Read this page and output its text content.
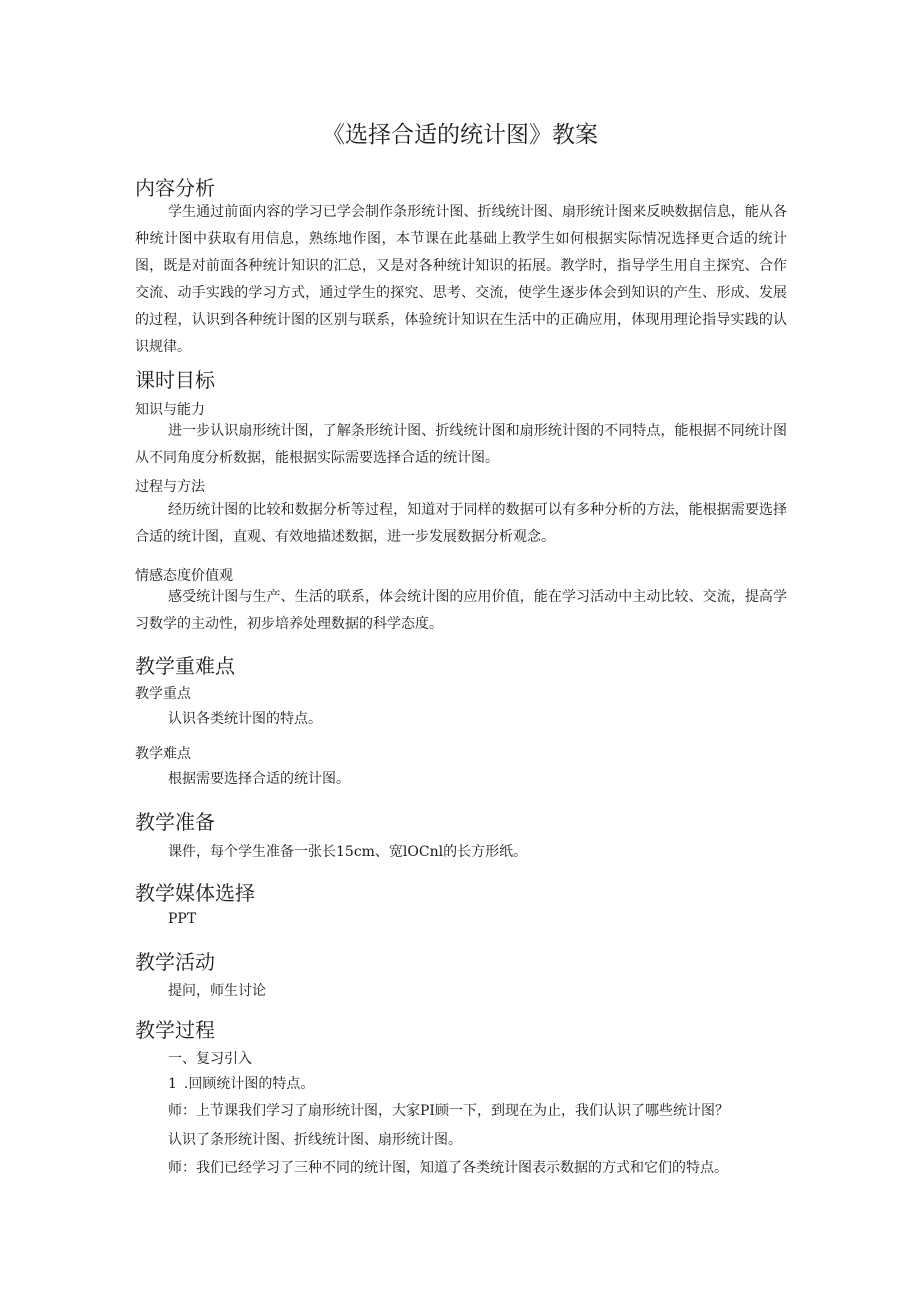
《选择合适的统计图》教案
内容分析

学生通过前面内容的学习已学会制作条形统计图、折线统计图、扇形统计图来反映数据信息，能从各种统计图中获取有用信息，熟练地作图，本节课在此基础上教学生如何根据实际情况选择更合适的统计图，既是对前面各种统计知识的汇总，又是对各种统计知识的拓展。教学时，指导学生用自主探究、合作交流、动手实践的学习方式，通过学生的探究、思考、交流，使学生逐步体会到知识的产生、形成、发展的过程，认识到各种统计图的区别与联系，体验统计知识在生活中的正确应用，体现用理论指导实践的认识规律。

课时目标
知识与能力

进一步认识扇形统计图，了解条形统计图、折线统计图和扇形统计图的不同特点，能根据不同统计图从不同角度分析数据，能根据实际需要选择合适的统计图。

过程与方法

经历统计图的比较和数据分析等过程，知道对于同样的数据可以有多种分析的方法，能根据需要选择合适的统计图，直观、有效地描述数据，进一步发展数据分析观念。

情感态度价值观

感受统计图与生产、生活的联系，体会统计图的应用价值，能在学习活动中主动比较、交流，提高学习数学的主动性，初步培养处理数据的科学态度。

教学重难点
教学重点

认识各类统计图的特点。

教学难点

根据需要选择合适的统计图。

教学准备

课件，每个学生准备一张长15cm、宽lOCnl的长方形纸。

教学媒体选择

PPT

教学活动

提问，师生讨论

教学过程

一、复习引入

1 .回顾统计图的特点。

师：上节课我们学习了扇形统计图，大家PI顾一下，到现在为止，我们认识了哪些统计图？

认识了条形统计图、折线统计图、扇形统计图。

师：我们已经学习了三种不同的统计图，知道了各类统计图表示数据的方式和它们的特点。
